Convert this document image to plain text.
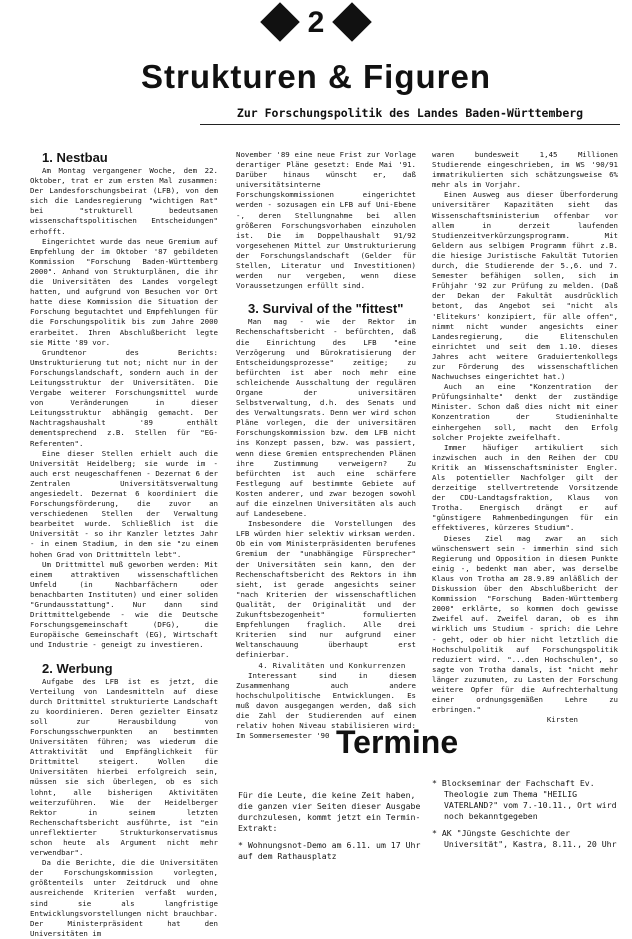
2
Strukturen & Figuren
Zur Forschungspolitik des Landes Baden-Württemberg

1. Nestbau

Am Montag vergangener Woche, dem 22. Oktober, trat er zum ersten Mal zusammen: Der Landesforschungsbeirat (LFB), von dem sich die Landesregierung "wichtigen Rat" bei "strukturell bedeutsamen wissenschaftspolitischen Entscheidungen" erhofft.

Eingerichtet wurde das neue Gremium auf Empfehlung der im Oktober '87 gebildeten Kommission "Forschung Baden-Württemberg 2000". Anhand von Strukturplänen, die ihr die Universitäten des Landes vorgelegt hatten, und aufgrund von Besuchen vor Ort hatte diese Kommission die Situation der Forschung begutachtet und Empfehlungen für die Forschungspolitik bis zum Jahre 2000 erarbeitet. Ihren Abschlußbericht legte sie Mitte '89 vor.

Grundtenor des Berichts: Umstrukturierung tut not; nicht nur in der Forschungslandschaft, sondern auch in der Leitungsstruktur der Universitäten. Die Vergabe weiterer Forschungsmittel wurde von Veränderungen in dieser Leitungsstruktur abhängig gemacht. Der Nachtragshaushalt '89 enthält dementsprechend z.B. Stellen für "EG-Referenten".

Eine dieser Stellen erhielt auch die Universität Heidelberg; sie wurde im - auch erst neugeschaffenen - Dezernat 6 der Zentralen Universitätsverwaltung angesiedelt. Dezernat 6 koordiniert die Forschungsförderung, die zuvor an verschiedenen Stellen der Verwaltung bearbeitet wurde. Schließlich ist die Universität - so ihr Kanzler letztes Jahr - in einem Stadium, in dem sie "zu einem hohen Grad von Drittmitteln lebt".

Um Drittmittel muß geworben werden: Mit einem attraktiven wissenschaftlichen Umfeld (in Nachbarfächern oder benachbarten Instituten) und einer soliden "Grundausstattung". Nur dann sind Drittmittelgebende - wie die Deutsche Forschungsgemeinschaft (DFG), die Europäische Gemeinschaft (EG), Wirtschaft und Industrie - geneigt zu investieren.

2. Werbung

Aufgabe des LFB ist es jetzt, die Verteilung von Landesmitteln auf diese durch Drittmittel strukturierte Landschaft zu koordinieren. Deren gezielter Einsatz soll zur Herausbildung von Forschungsschwerpunkten an bestimmten Universitäten führen; was wiederum die Attraktivität und Empfänglichkeit für Drittmittel steigert. Wollen die Universitäten hierbei erfolgreich sein, müssen sie sich überlegen, ob es sich lohnt, alle bisherigen Aktivitäten weiterzuführen. Wie der Heidelberger Rektor in seinem letzten Rechenschaftsbericht ausführte, ist "ein unreflektierter Strukturkonservatismus schon heute als Argument nicht mehr verwendbar".

Da die Berichte, die die Universitäten der Forschungskommission vorlegten, größtenteils unter Zeitdruck und ohne ausreichende Kriterien verfaßt wurden, sind sie als langfristige Entwicklungsvorstellungen nicht brauchbar. Der Ministerpräsident hat den Universitäten im

November '89 eine neue Frist zur Vorlage derartiger Pläne gesetzt: Ende Mai '91. Darüber hinaus wünscht er, daß universitätsinterne Forschungskommissionen eingerichtet werden - sozusagen ein LFB auf Uni-Ebene -, deren Stellungnahme bei allen größeren Forschungsvorhaben einzuholen ist. Die im Doppelhaushalt 91/92 vorgesehenen Mittel zur Umstrukturierung der Forschungslandschaft (Gelder für Stellen, Literatur und Investitionen) werden nur vergeben, wenn diese Voraussetzungen erfüllt sind.

3. Survival of the "fittest"

Man mag - wie der Rektor im Rechenschaftsbericht - befürchten, daß die Einrichtung des LFB "eine Verzögerung und Bürokratisierung der Entscheidungsprozesse" zeitige; zu befürchten ist aber noch mehr eine schleichende Ausschaltung der regulären Organe der universitären Selbstverwaltung, d.h. des Senats und des Verwaltungsrats. Denn wer wird schon Pläne vorlegen, die der universitären Forschungskommission bzw. dem LFB nicht ins Konzept passen, bzw. was passiert, wenn diese Gremien entsprechenden Plänen ihre Zustimmung verweigern? Zu befürchten ist auch eine schärfere Festlegung auf bestimmte Gebiete auf Kosten anderer, und zwar bezogen sowohl auf die einzelnen Universitäten als auch auf Landesebene.

Insbesondere die Vorstellungen des LFB würden hier selektiv wirksam werden. Ob ein vom Ministerpräsidenten berufenes Gremium der "unabhängige Fürsprecher" der Universitäten sein kann, den der Rechenschaftsbericht des Rektors in ihm sieht, ist gerade angesichts seiner "nach Kriterien der wissenschaftlichen Qualität, der Originalität und der Zukunftsbezogenheit" formulierten Empfehlungen fraglich. Alle drei Kriterien sind nur aufgrund einer Weltanschauung überhaupt erst definierbar.

4. Rivalitäten und Konkurrenzen

Interessant sind in diesem Zusammenhang auch andere hochschulpolitische Entwicklungen. Es muß davon ausgegangen werden, daß sich die Zahl der Studierenden auf einem relativ hohen Niveau stabilisieren wird: Im Sommersemester '90

waren bundesweit 1,45 Millionen Studierende eingeschrieben, im WS '90/91 immatrikulierten sich schätzungsweise 6% mehr als im Vorjahr.

Einen Ausweg aus dieser Überforderung universitärer Kapazitäten sieht das Wissenschaftsministerium offenbar vor allem in derzeit laufenden Studienzeitverkürzungsprogramm. Mit Geldern aus selbigem Programm führt z.B. die hiesige Juristische Fakultät Tutorien durch, die Studierende der 5.,6. und 7. Semester befähigen sollen, sich im Frühjahr '92 zur Prüfung zu melden. (Daß der Dekan der Fakultät ausdrücklich betont, das Angebot sei "nicht als 'Elitekurs' konzipiert, für alle offen", nimmt nicht wunder angesichts einer Landesregierung, die Elitenschulen einrichtet und seit dem 1.10. dieses Jahres acht weitere Graduiertenkollegs zur Förderung des wissenschaftlichen Nachwuchses eingerichtet hat.)

Auch an eine "Konzentration der Prüfungsinhalte" denkt der zuständige Minister. Schon daß dies nicht mit einer Konzentration der Studieninhalte einhergehen soll, macht den Erfolg solcher Projekte zweifelhaft.

Immer häufiger artikuliert sich inzwischen auch in den Reihen der CDU Kritik an Wissenschaftsminister Engler. Als potentieller Nachfolger gilt der derzeitige stellvertretende Vorsitzende der CDU-Landtagsfraktion, Klaus von Trotha. Energisch drängt er auf "günstigere Rahmenbedingungen für ein effektiveres, kürzeres Studium".

Dieses Ziel mag zwar an sich wünschenswert sein - immerhin sind sich Regierung und Opposition in diesem Punkte einig -, bedenkt man aber, was derselbe Klaus von Trotha am 28.9.89 anläßlich der Diskussion über den Abschlußbericht der Kommission "Forschung Baden-Württemberg 2000" erklärte, so kommen doch gewisse Zweifel auf. Zweifel daran, ob es ihm wirklich ums Studium - sprich: die Lehre - geht, oder ob hier nicht letztlich die Hochschulpolitik auf Forschungspolitik reduziert wird. "...den Hochschulen", so sagte von Trotha damals, ist "nicht mehr länger zuzumuten, zu Lasten der Forschung weitere Opfer für die Aufrechterhaltung einer ordnungsgemäßen Lehre zu erbringen."

Kirsten

Termine

Für die Leute, die keine Zeit haben, die ganzen vier Seiten dieser Ausgabe durchzulesen, kommt jetzt ein Termin-Extrakt:

* Wohnungsnot-Demo am 6.11. um 17 Uhr auf dem Rathausplatz

* Blockseminar der Fachschaft Ev. Theologie zum Thema "HEILIG VATERLAND?" vom 7.-10.11., Ort wird noch bekanntgegeben

* AK "Jüngste Geschichte der Universität", Kastra, 8.11., 20 Uhr
